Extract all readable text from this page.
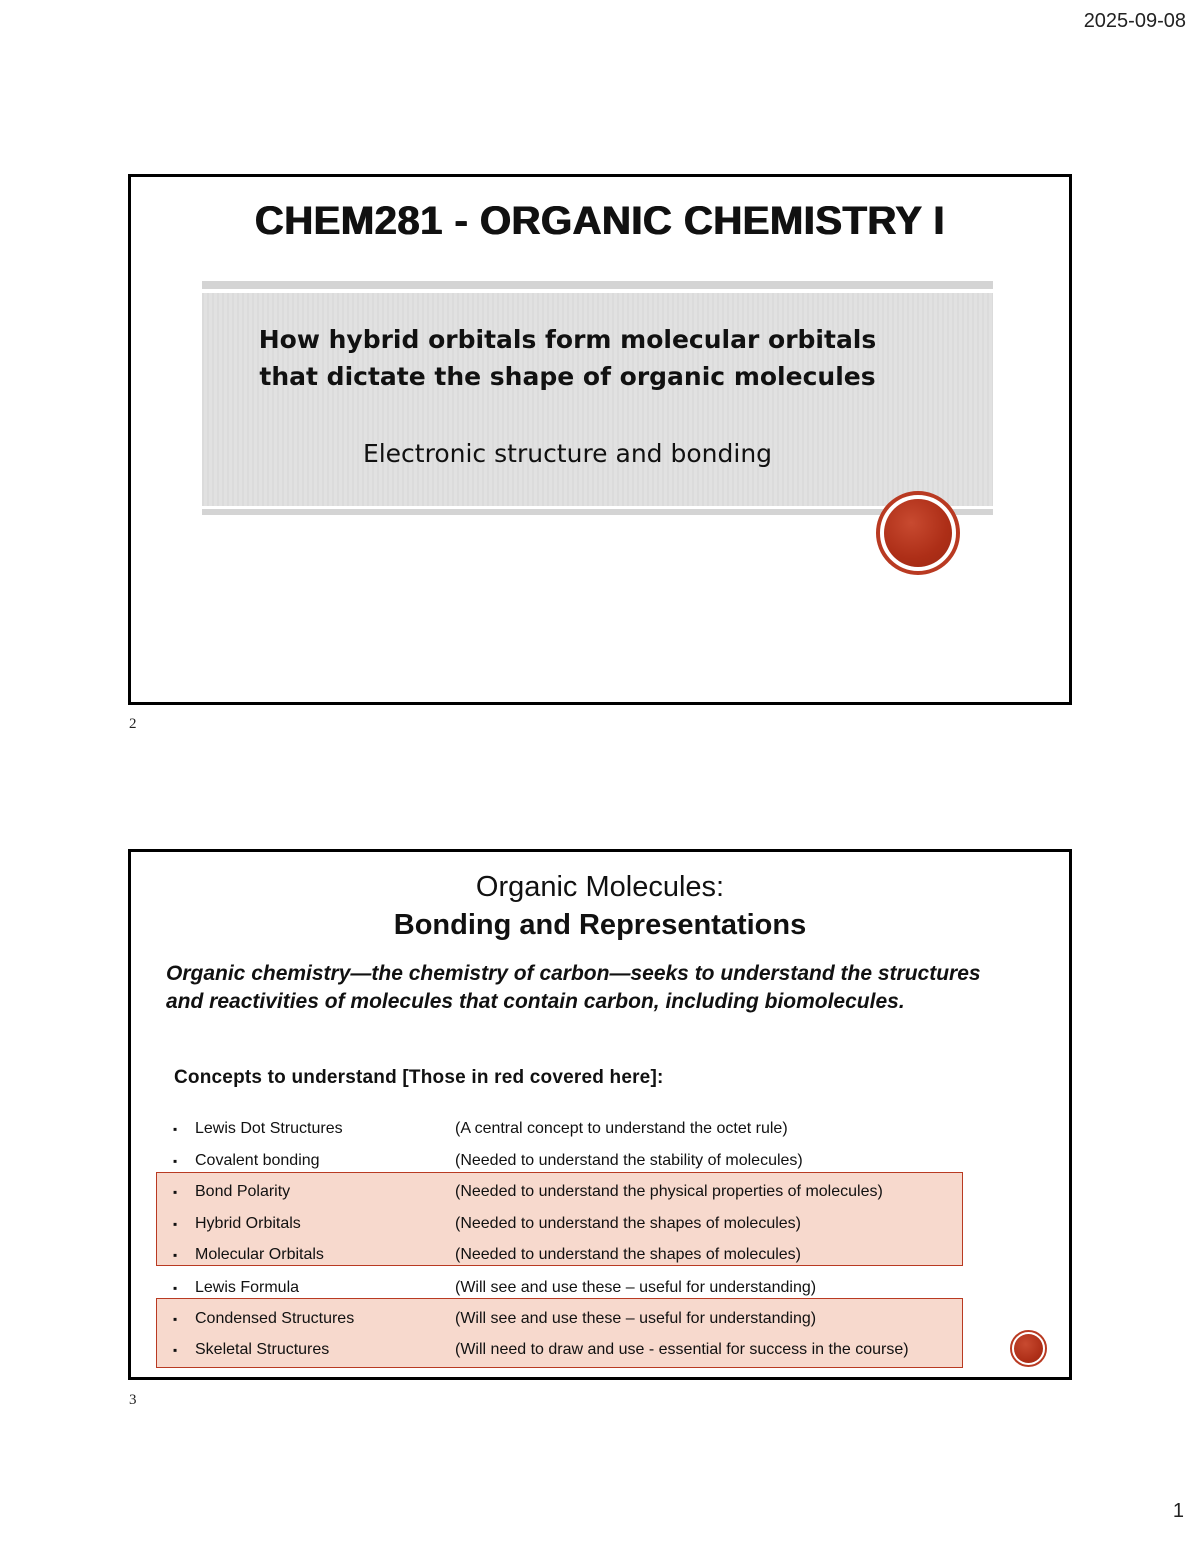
2025-09-08
CHEM281 - ORGANIC CHEMISTRY I
How hybrid orbitals form molecular orbitals
that dictate the shape of organic molecules
Electronic structure and bonding
2
Organic Molecules:
Bonding and Representations
Organic chemistry—the chemistry of carbon—seeks to understand the structures and reactivities of molecules that contain carbon, including biomolecules.
Concepts to understand [Those in red covered here]:
▪ Lewis Dot Structures	(A central concept to understand the octet rule)
▪ Covalent bonding	(Needed to understand the stability of molecules)
▪ Bond Polarity	(Needed to understand the physical properties of molecules)
▪ Hybrid Orbitals	(Needed to understand the shapes of molecules)
▪ Molecular Orbitals	(Needed to understand the shapes of molecules)
▪ Lewis Formula	(Will see and use these – useful for understanding)
▪ Condensed Structures	(Will see and use these – useful for understanding)
▪ Skeletal Structures	(Will need to draw and use - essential for success in the course)
3
1
